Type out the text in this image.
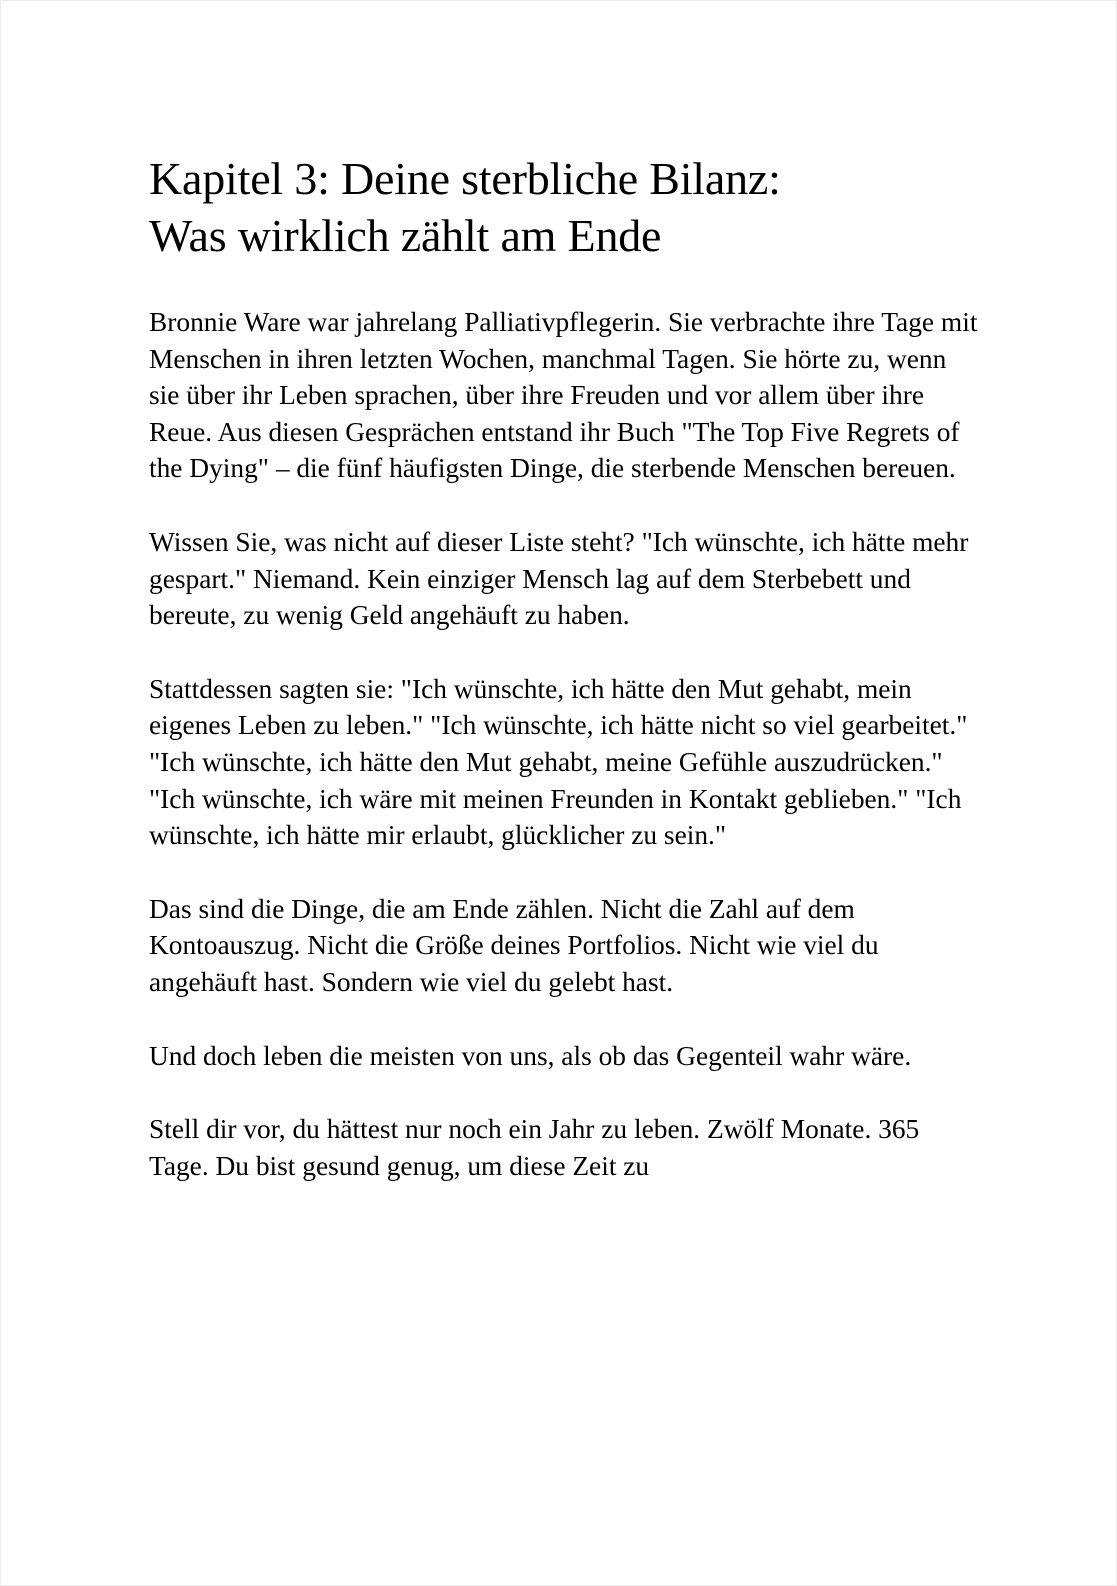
Kapitel 3: Deine sterbliche Bilanz:
Was wirklich zählt am Ende

Bronnie Ware war jahrelang Palliativpflegerin. Sie verbrachte ihre Tage mit Menschen in ihren letzten Wochen, manchmal Tagen. Sie hörte zu, wenn sie über ihr Leben sprachen, über ihre Freuden und vor allem über ihre Reue. Aus diesen Gesprächen entstand ihr Buch "The Top Five Regrets of the Dying" – die fünf häufigsten Dinge, die sterbende Menschen bereuen.

Wissen Sie, was nicht auf dieser Liste steht? "Ich wünschte, ich hätte mehr gespart." Niemand. Kein einziger Mensch lag auf dem Sterbebett und bereute, zu wenig Geld angehäuft zu haben.

Stattdessen sagten sie: "Ich wünschte, ich hätte den Mut gehabt, mein eigenes Leben zu leben." "Ich wünschte, ich hätte nicht so viel gearbeitet." "Ich wünschte, ich hätte den Mut gehabt, meine Gefühle auszudrücken." "Ich wünschte, ich wäre mit meinen Freunden in Kontakt geblieben." "Ich wünschte, ich hätte mir erlaubt, glücklicher zu sein."

Das sind die Dinge, die am Ende zählen. Nicht die Zahl auf dem Kontoauszug. Nicht die Größe deines Portfolios. Nicht wie viel du angehäuft hast. Sondern wie viel du gelebt hast.

Und doch leben die meisten von uns, als ob das Gegenteil wahr wäre.

Stell dir vor, du hättest nur noch ein Jahr zu leben. Zwölf Monate. 365 Tage. Du bist gesund genug, um diese Zeit zu
